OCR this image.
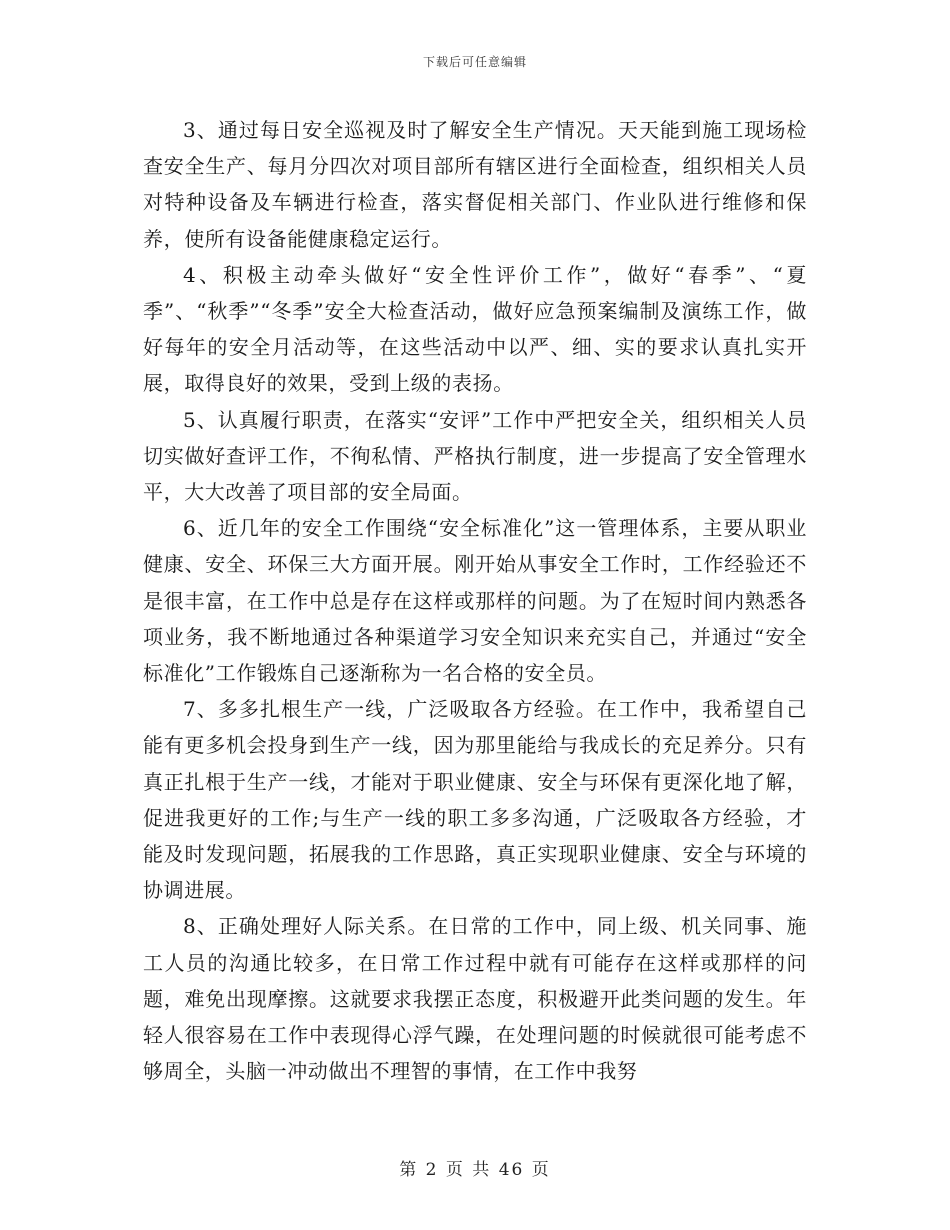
下载后可任意编辑

3、通过每日安全巡视及时了解安全生产情况。天天能到施工现场检查安全生产、每月分四次对项目部所有辖区进行全面检查，组织相关人员对特种设备及车辆进行检查，落实督促相关部门、作业队进行维修和保养，使所有设备能健康稳定运行。

4、积极主动牵头做好“安全性评价工作”，做好“春季”、“夏季”、“秋季”“冬季”安全大检查活动，做好应急预案编制及演练工作，做好每年的安全月活动等，在这些活动中以严、细、实的要求认真扎实开展，取得良好的效果，受到上级的表扬。

5、认真履行职责，在落实“安评”工作中严把安全关，组织相关人员切实做好查评工作，不徇私情、严格执行制度，进一步提高了安全管理水平，大大改善了项目部的安全局面。

6、近几年的安全工作围绕“安全标准化”这一管理体系，主要从职业健康、安全、环保三大方面开展。刚开始从事安全工作时，工作经验还不是很丰富，在工作中总是存在这样或那样的问题。为了在短时间内熟悉各项业务，我不断地通过各种渠道学习安全知识来充实自己，并通过“安全标准化”工作锻炼自己逐渐称为一名合格的安全员。

7、多多扎根生产一线，广泛吸取各方经验。在工作中，我希望自己能有更多机会投身到生产一线，因为那里能给与我成长的充足养分。只有真正扎根于生产一线，才能对于职业健康、安全与环保有更深化地了解，促进我更好的工作;与生产一线的职工多多沟通，广泛吸取各方经验，才能及时发现问题，拓展我的工作思路，真正实现职业健康、安全与环境的协调进展。

8、正确处理好人际关系。在日常的工作中，同上级、机关同事、施工人员的沟通比较多，在日常工作过程中就有可能存在这样或那样的问题，难免出现摩擦。这就要求我摆正态度，积极避开此类问题的发生。年轻人很容易在工作中表现得心浮气躁，在处理问题的时候就很可能考虑不够周全，头脑一冲动做出不理智的事情，在工作中我努

第 2 页 共 46 页
